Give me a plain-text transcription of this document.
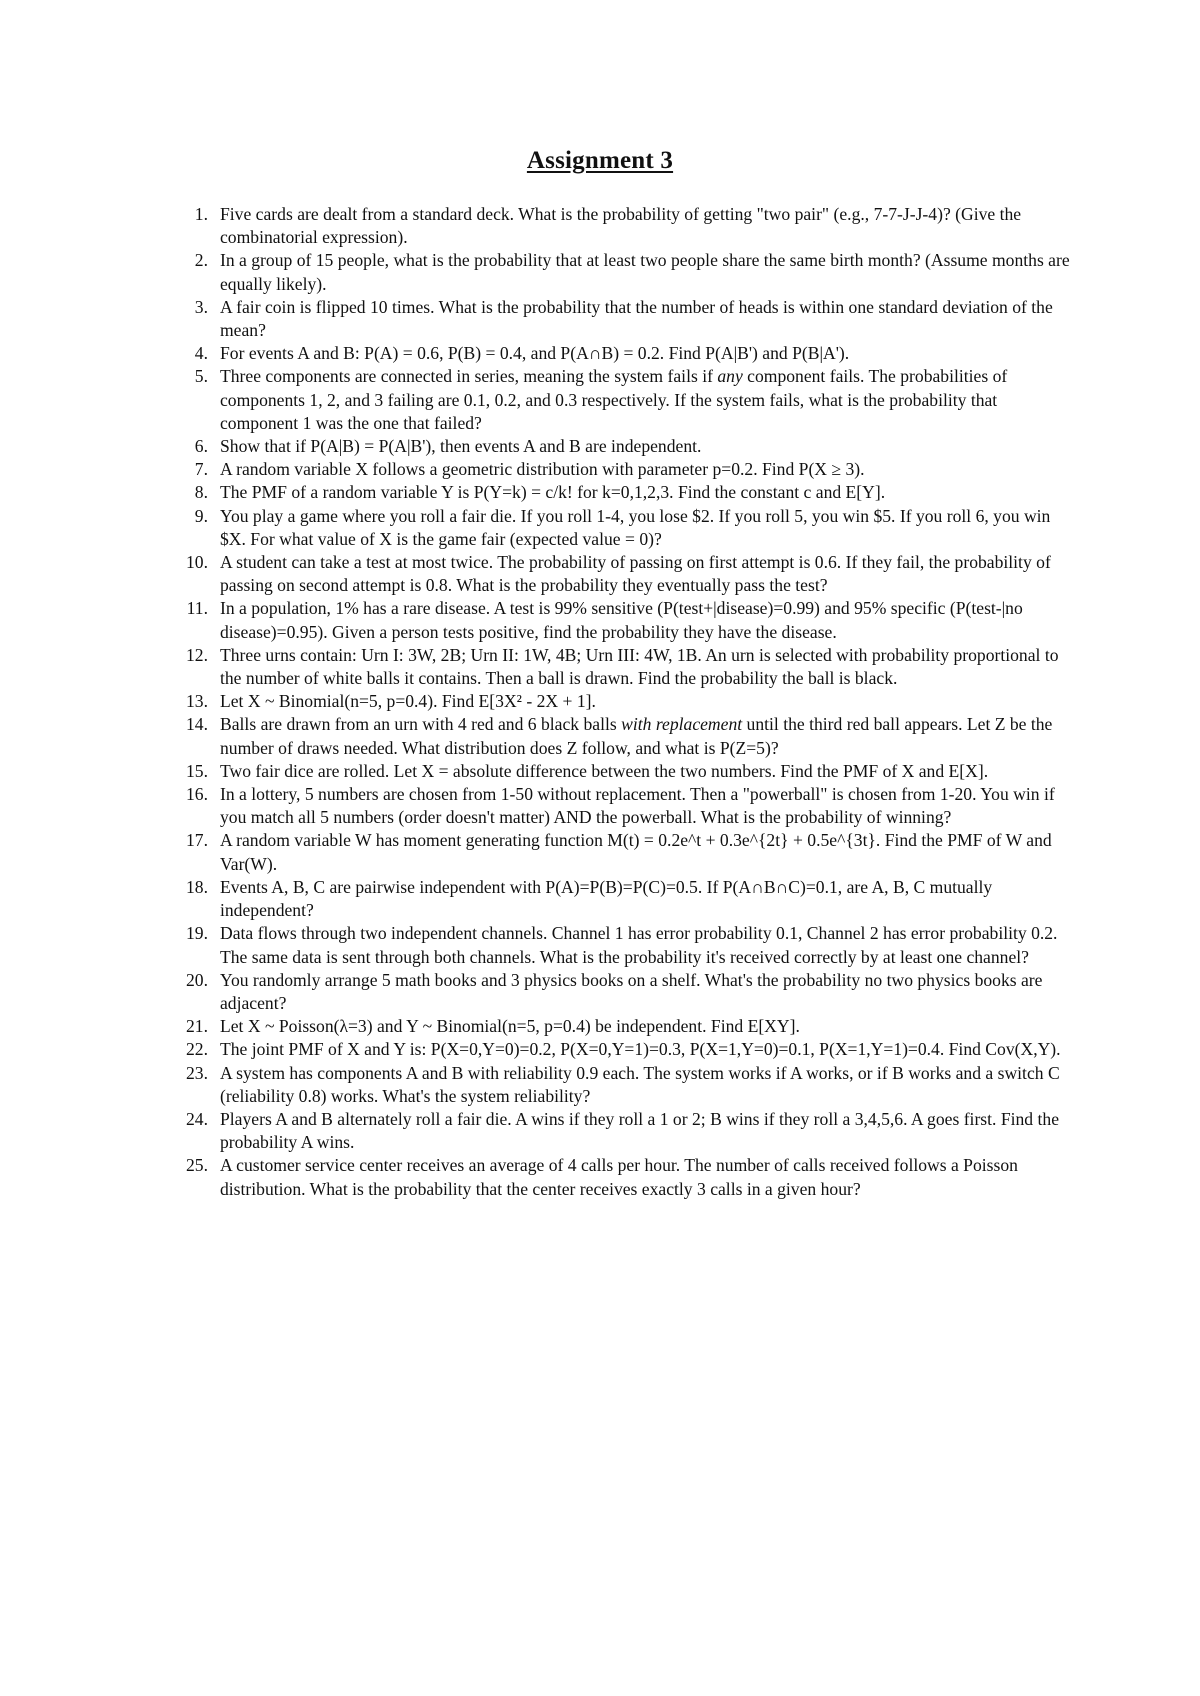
Assignment 3
1. Five cards are dealt from a standard deck. What is the probability of getting "two pair" (e.g., 7-7-J-J-4)? (Give the combinatorial expression).
2. In a group of 15 people, what is the probability that at least two people share the same birth month? (Assume months are equally likely).
3. A fair coin is flipped 10 times. What is the probability that the number of heads is within one standard deviation of the mean?
4. For events A and B: P(A) = 0.6, P(B) = 0.4, and P(A∩B) = 0.2. Find P(A|B') and P(B|A').
5. Three components are connected in series, meaning the system fails if any component fails. The probabilities of components 1, 2, and 3 failing are 0.1, 0.2, and 0.3 respectively. If the system fails, what is the probability that component 1 was the one that failed?
6. Show that if P(A|B) = P(A|B'), then events A and B are independent.
7. A random variable X follows a geometric distribution with parameter p=0.2. Find P(X ≥ 3).
8. The PMF of a random variable Y is P(Y=k) = c/k! for k=0,1,2,3. Find the constant c and E[Y].
9. You play a game where you roll a fair die. If you roll 1-4, you lose $2. If you roll 5, you win $5. If you roll 6, you win $X. For what value of X is the game fair (expected value = 0)?
10. A student can take a test at most twice. The probability of passing on first attempt is 0.6. If they fail, the probability of passing on second attempt is 0.8. What is the probability they eventually pass the test?
11. In a population, 1% has a rare disease. A test is 99% sensitive (P(test+|disease)=0.99) and 95% specific (P(test-|no disease)=0.95). Given a person tests positive, find the probability they have the disease.
12. Three urns contain: Urn I: 3W, 2B; Urn II: 1W, 4B; Urn III: 4W, 1B. An urn is selected with probability proportional to the number of white balls it contains. Then a ball is drawn. Find the probability the ball is black.
13. Let X ~ Binomial(n=5, p=0.4). Find E[3X² - 2X + 1].
14. Balls are drawn from an urn with 4 red and 6 black balls with replacement until the third red ball appears. Let Z be the number of draws needed. What distribution does Z follow, and what is P(Z=5)?
15. Two fair dice are rolled. Let X = absolute difference between the two numbers. Find the PMF of X and E[X].
16. In a lottery, 5 numbers are chosen from 1-50 without replacement. Then a "powerball" is chosen from 1-20. You win if you match all 5 numbers (order doesn't matter) AND the powerball. What is the probability of winning?
17. A random variable W has moment generating function M(t) = 0.2e^t + 0.3e^{2t} + 0.5e^{3t}. Find the PMF of W and Var(W).
18. Events A, B, C are pairwise independent with P(A)=P(B)=P(C)=0.5. If P(A∩B∩C)=0.1, are A, B, C mutually independent?
19. Data flows through two independent channels. Channel 1 has error probability 0.1, Channel 2 has error probability 0.2. The same data is sent through both channels. What is the probability it's received correctly by at least one channel?
20. You randomly arrange 5 math books and 3 physics books on a shelf. What's the probability no two physics books are adjacent?
21. Let X ~ Poisson(λ=3) and Y ~ Binomial(n=5, p=0.4) be independent. Find E[XY].
22. The joint PMF of X and Y is: P(X=0,Y=0)=0.2, P(X=0,Y=1)=0.3, P(X=1,Y=0)=0.1, P(X=1,Y=1)=0.4. Find Cov(X,Y).
23. A system has components A and B with reliability 0.9 each. The system works if A works, or if B works and a switch C (reliability 0.8) works. What's the system reliability?
24. Players A and B alternately roll a fair die. A wins if they roll a 1 or 2; B wins if they roll a 3,4,5,6. A goes first. Find the probability A wins.
25. A customer service center receives an average of 4 calls per hour. The number of calls received follows a Poisson distribution. What is the probability that the center receives exactly 3 calls in a given hour?
